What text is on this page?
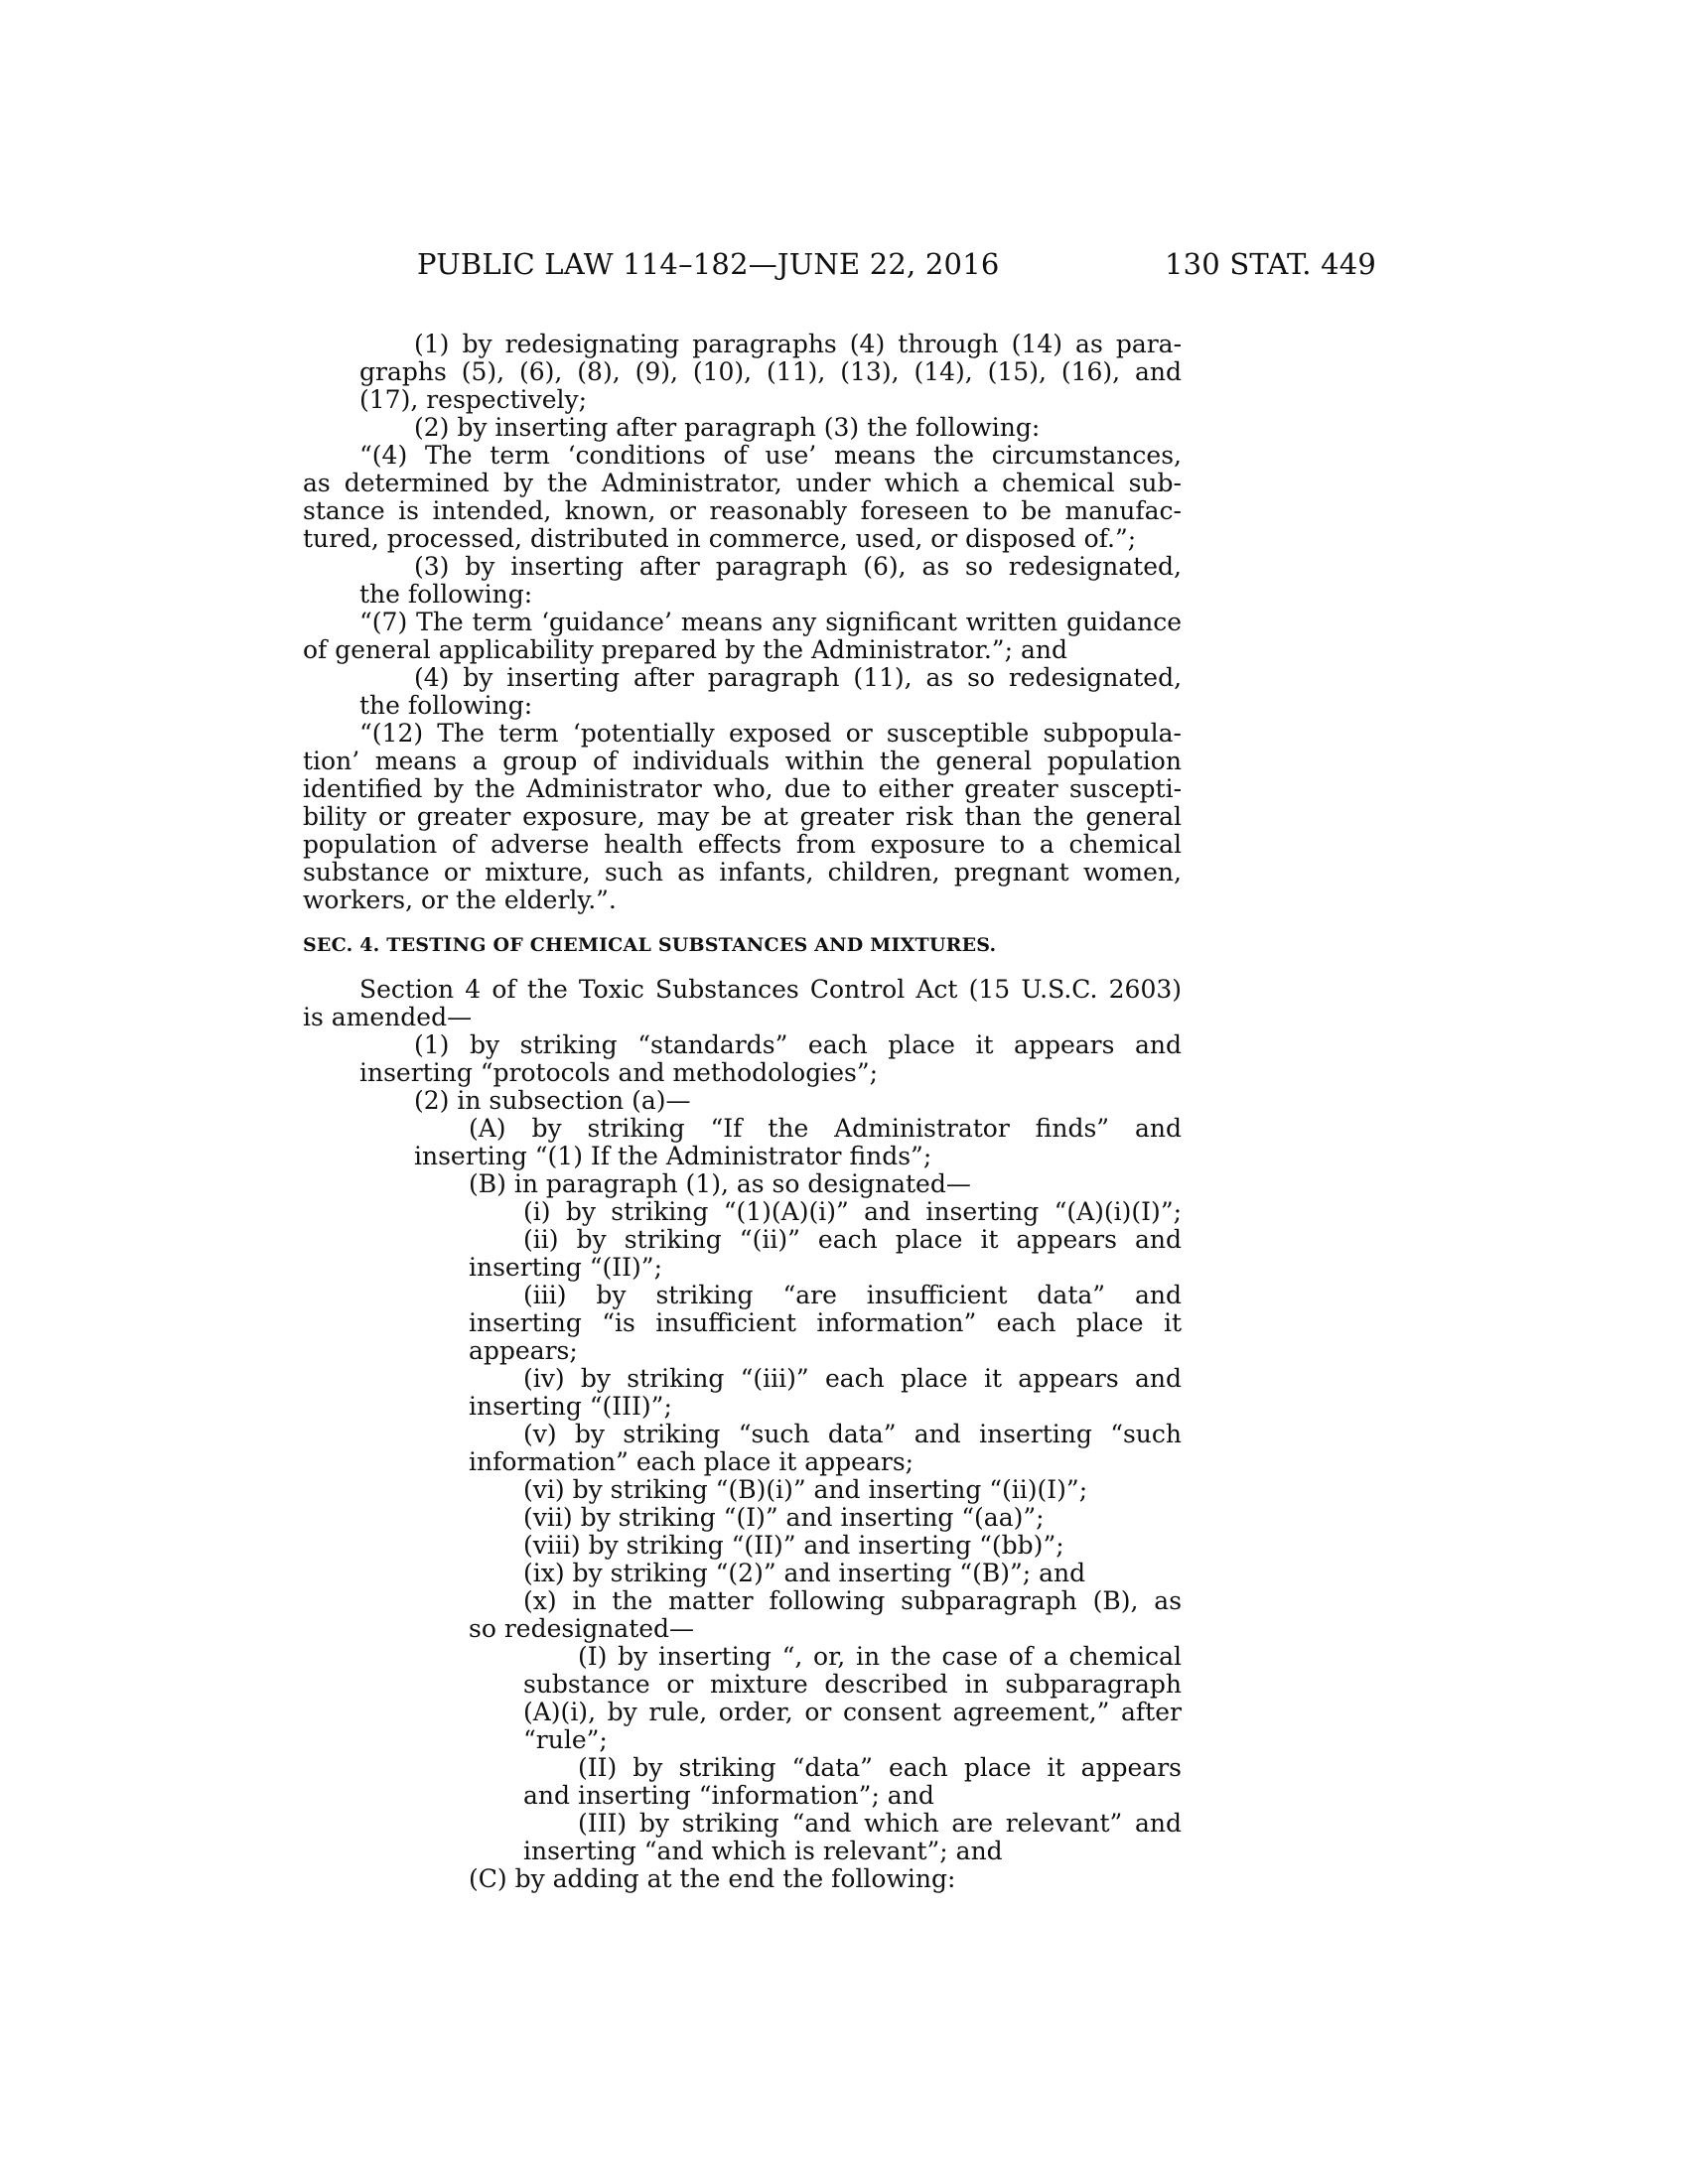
PUBLIC LAW 114–182—JUNE 22, 2016	130 STAT. 449
(1) by redesignating paragraphs (4) through (14) as para-
graphs (5), (6), (8), (9), (10), (11), (13), (14), (15), (16), and
(17), respectively;
(2) by inserting after paragraph (3) the following:
“(4) The term ‘conditions of use’ means the circumstances,
as determined by the Administrator, under which a chemical sub-
stance is intended, known, or reasonably foreseen to be manufac-
tured, processed, distributed in commerce, used, or disposed of.”;
(3) by inserting after paragraph (6), as so redesignated,
the following:
“(7) The term ‘guidance’ means any significant written guidance
of general applicability prepared by the Administrator.”; and
(4) by inserting after paragraph (11), as so redesignated,
the following:
“(12) The term ‘potentially exposed or susceptible subpopula-
tion’ means a group of individuals within the general population
identified by the Administrator who, due to either greater suscepti-
bility or greater exposure, may be at greater risk than the general
population of adverse health effects from exposure to a chemical
substance or mixture, such as infants, children, pregnant women,
workers, or the elderly.”.
SEC. 4. TESTING OF CHEMICAL SUBSTANCES AND MIXTURES.
Section 4 of the Toxic Substances Control Act (15 U.S.C. 2603)
is amended—
(1) by striking “standards” each place it appears and
inserting “protocols and methodologies”;
(2) in subsection (a)—
(A) by striking “If the Administrator finds” and
inserting “(1) If the Administrator finds”;
(B) in paragraph (1), as so designated—
(i) by striking “(1)(A)(i)” and inserting “(A)(i)(I)”;
(ii) by striking “(ii)” each place it appears and
inserting “(II)”;
(iii) by striking “are insufficient data” and
inserting “is insufficient information” each place it
appears;
(iv) by striking “(iii)” each place it appears and
inserting “(III)”;
(v) by striking “such data” and inserting “such
information” each place it appears;
(vi) by striking “(B)(i)” and inserting “(ii)(I)”;
(vii) by striking “(I)” and inserting “(aa)”;
(viii) by striking “(II)” and inserting “(bb)”;
(ix) by striking “(2)” and inserting “(B)”; and
(x) in the matter following subparagraph (B), as
so redesignated—
(I) by inserting “, or, in the case of a chemical
substance or mixture described in subparagraph
(A)(i), by rule, order, or consent agreement,” after
“rule”;
(II) by striking “data” each place it appears
and inserting “information”; and
(III) by striking “and which are relevant” and
inserting “and which is relevant”; and
(C) by adding at the end the following:
